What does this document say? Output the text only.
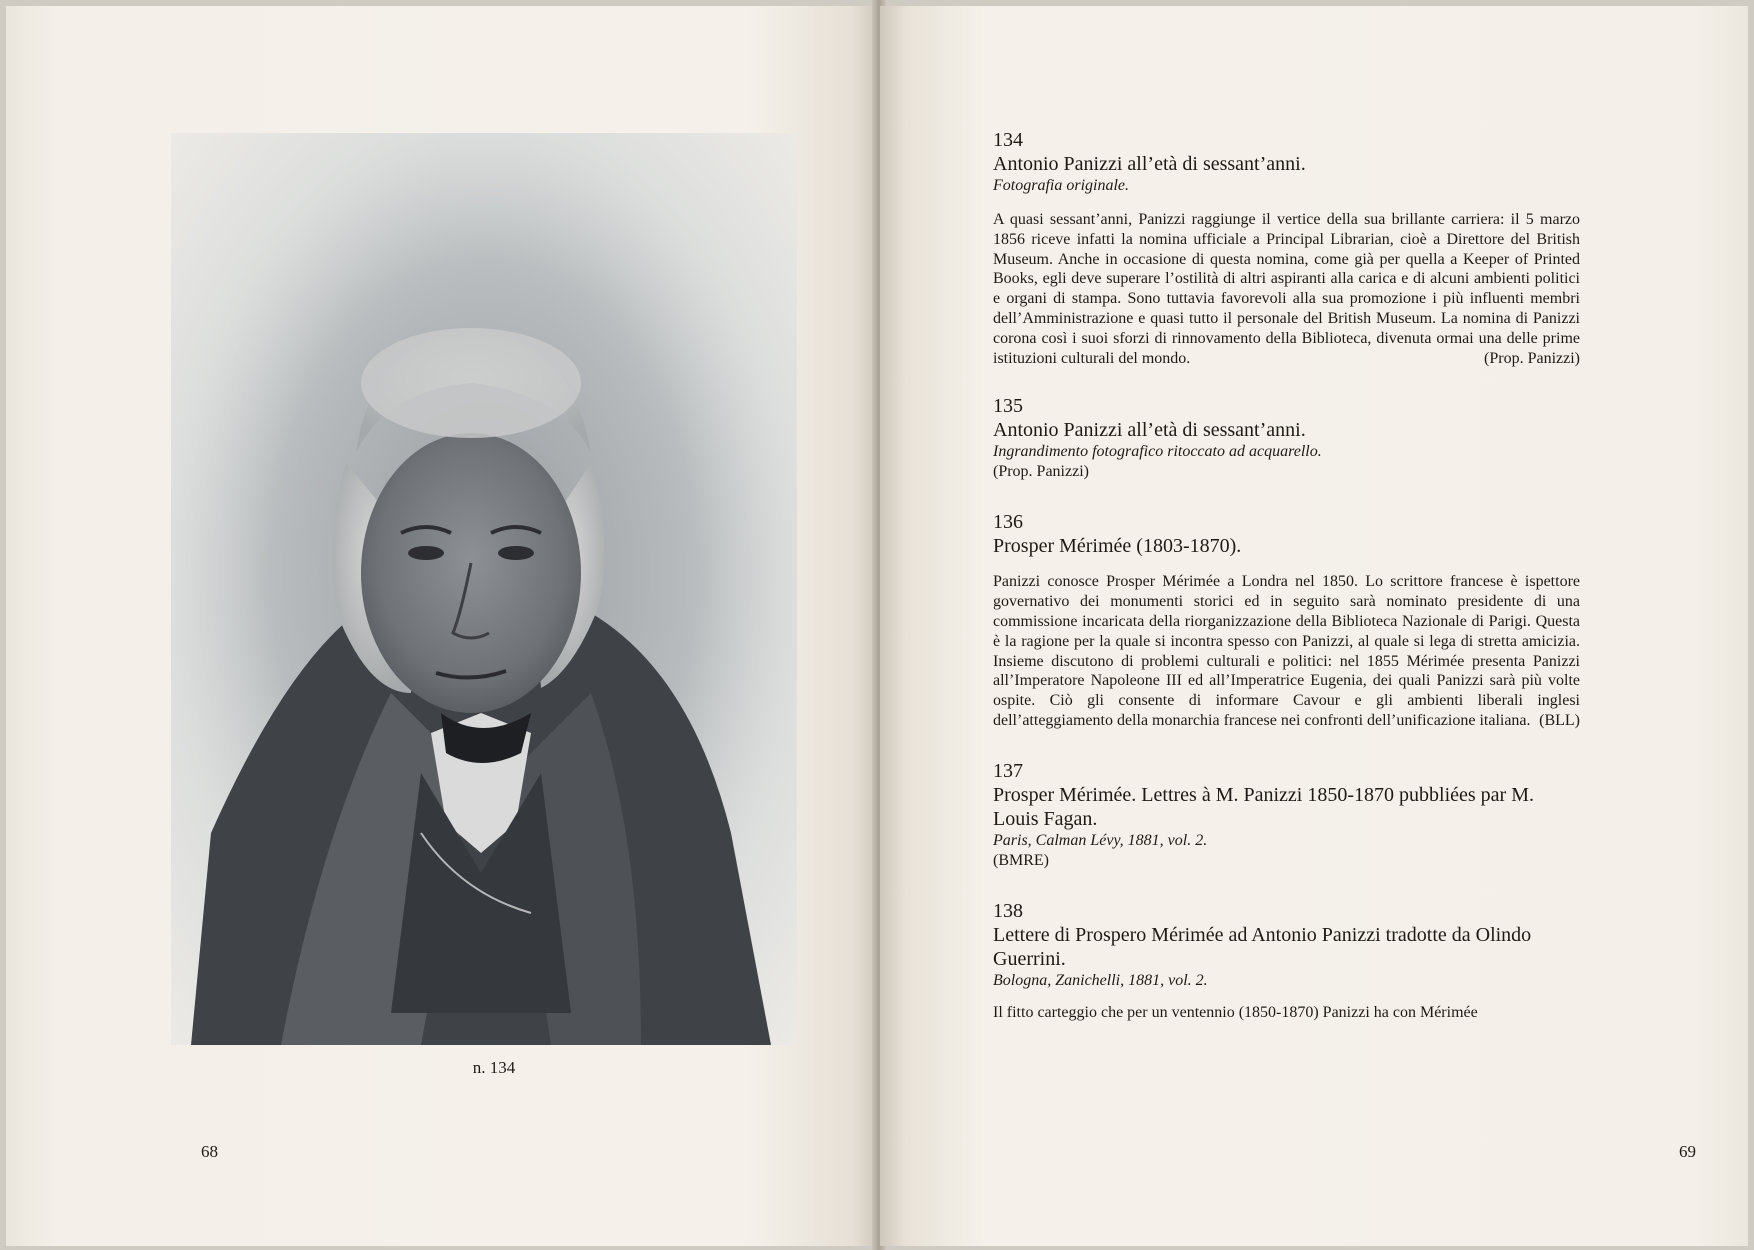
n. 134
68
134
Antonio Panizzi all’età di sessant’anni.
Fotografia originale.
A quasi sessant’anni, Panizzi raggiunge il vertice della sua brillante carriera: il 5 marzo 1856 riceve infatti la nomina ufficiale a Principal Librarian, cioè a Direttore del British Museum. Anche in occasione di questa nomina, come già per quella a Keeper of Printed Books, egli deve superare l’ostilità di altri aspiranti alla carica e di alcuni ambienti politici e organi di stampa. Sono tuttavia favorevoli alla sua promozione i più influenti membri dell’Amministrazione e quasi tutto il personale del British Museum. La nomina di Panizzi corona così i suoi sforzi di rinnovamento della Biblioteca, divenuta ormai una delle prime istituzioni culturali del mondo.	(Prop. Panizzi)
135
Antonio Panizzi all’età di sessant’anni.
Ingrandimento fotografico ritoccato ad acquarello.
(Prop. Panizzi)
136
Prosper Mérimée (1803-1870).
Panizzi conosce Prosper Mérimée a Londra nel 1850. Lo scrittore francese è ispettore governativo dei monumenti storici ed in seguito sarà nominato presidente di una commissione incaricata della riorganizzazione della Biblioteca Nazionale di Parigi. Questa è la ragione per la quale si incontra spesso con Panizzi, al quale si lega di stretta amicizia. Insieme discutono di problemi culturali e politici: nel 1855 Mérimée presenta Panizzi all’Imperatore Napoleone III ed all’Imperatrice Eugenia, dei quali Panizzi sarà più volte ospite. Ciò gli consente di informare Cavour e gli ambienti liberali inglesi dell’atteggiamento della monarchia francese nei confronti dell’unificazione italiana. (BLL)
137
Prosper Mérimée. Lettres à M. Panizzi 1850-1870 pubbliées par M. Louis Fagan.
Paris, Calman Lévy, 1881, vol. 2.
(BMRE)
138
Lettere di Prospero Mérimée ad Antonio Panizzi tradotte da Olindo Guerrini.
Bologna, Zanichelli, 1881, vol. 2.
Il fitto carteggio che per un ventennio (1850-1870) Panizzi ha con Mérimée
69
